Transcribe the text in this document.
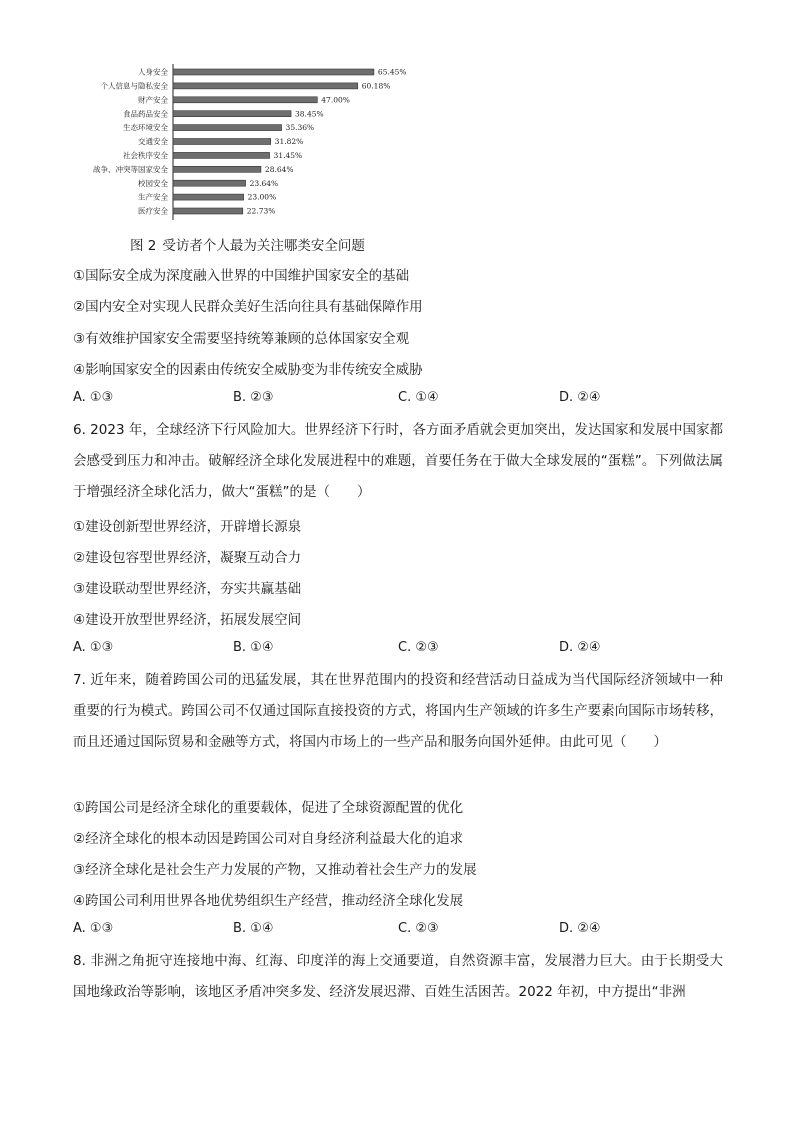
人身安全	65.45%
个人信息与隐私安全	60.18%
财产安全	47.00%
食品药品安全	38.45%
生态环境安全	35.36%
交通安全	31.82%
社会秩序安全	31.45%
战争、冲突等国家安全	28.64%
校园安全	23.64%
生产安全	23.00%
医疗安全	22.73%
图 2 受访者个人最为关注哪类安全问题
①国际安全成为深度融入世界的中国维护国家安全的基础
②国内安全对实现人民群众美好生活向往具有基础保障作用
③有效维护国家安全需要坚持统筹兼顾的总体国家安全观
④影响国家安全的因素由传统安全威胁变为非传统安全威胁
A. ①③	B. ②③	C. ①④	D. ②④
6. 2023 年，全球经济下行风险加大。世界经济下行时，各方面矛盾就会更加突出，发达国家和发展中国家都会感受到压力和冲击。破解经济全球化发展进程中的难题，首要任务在于做大全球发展的“蛋糕”。下列做法属于增强经济全球化活力，做大“蛋糕”的是（　　）
①建设创新型世界经济，开辟增长源泉
②建设包容型世界经济，凝聚互动合力
③建设联动型世界经济，夯实共赢基础
④建设开放型世界经济，拓展发展空间
A. ①③	B. ①④	C. ②③	D. ②④
7. 近年来，随着跨国公司的迅猛发展，其在世界范围内的投资和经营活动日益成为当代国际经济领域中一种重要的行为模式。跨国公司不仅通过国际直接投资的方式，将国内生产领域的许多生产要素向国际市场转移，而且还通过国际贸易和金融等方式，将国内市场上的一些产品和服务向国外延伸。由此可见（　　）
①跨国公司是经济全球化的重要载体，促进了全球资源配置的优化
②经济全球化的根本动因是跨国公司对自身经济利益最大化的追求
③经济全球化是社会生产力发展的产物，又推动着社会生产力的发展
④跨国公司利用世界各地优势组织生产经营，推动经济全球化发展
A. ①③	B. ①④	C. ②③	D. ②④
8. 非洲之角扼守连接地中海、红海、印度洋的海上交通要道，自然资源丰富，发展潜力巨大。由于长期受大国地缘政治等影响，该地区矛盾冲突多发、经济发展迟滞、百姓生活困苦。2022 年初，中方提出“非洲
